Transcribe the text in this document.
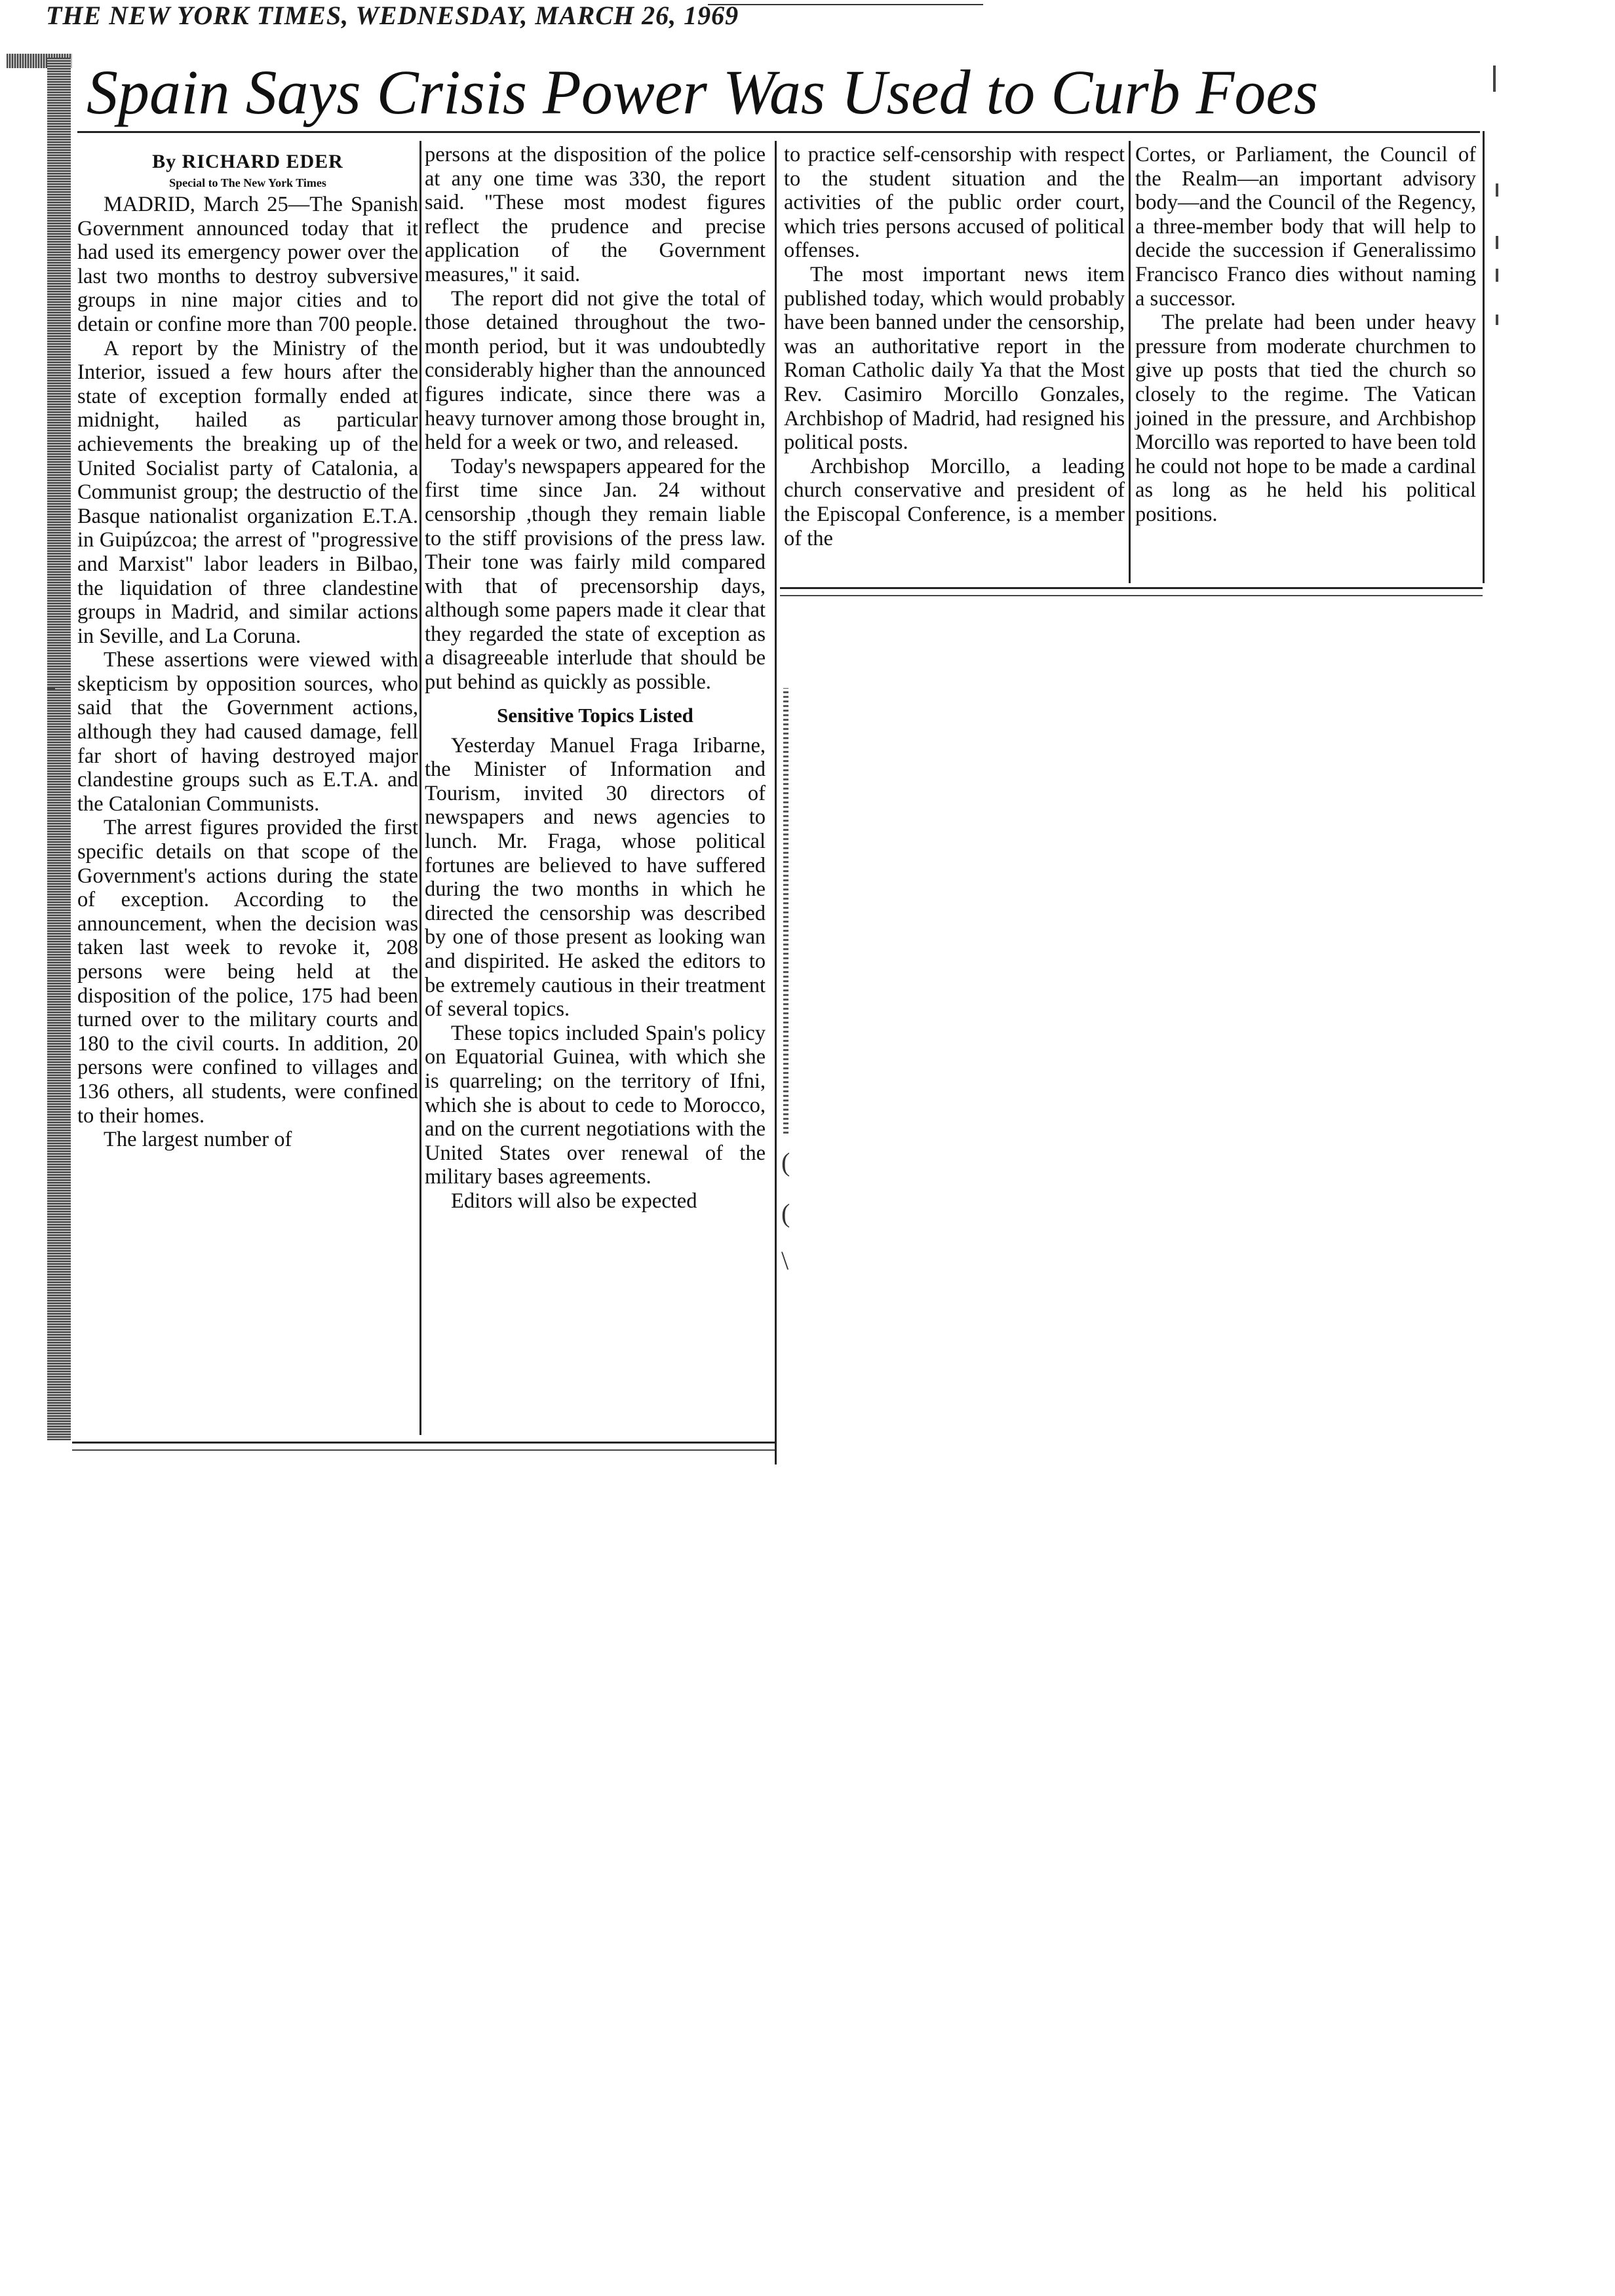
THE NEW YORK TIMES, WEDNESDAY, MARCH 26, 1969
Spain Says Crisis Power Was Used to Curb Foes
By RICHARD EDER
Special to The New York Times

MADRID, March 25—The Spanish Government announced today that it had used its emergency power over the last two months to destroy subversive groups in nine major cities and to detain or confine more than 700 people.

A report by the Ministry of the Interior, issued a few hours after the state of exception formally ended at midnight, hailed as particular achievements the breaking up of the United Socialist party of Catalonia, a Communist group; the destructio of the Basque nationalist organization E.T.A. in Guipúzcoa; the arrest of "progressive and Marxist" labor leaders in Bilbao, the liquidation of three clandestine groups in Madrid, and similar actions in Seville, and La Coruna.

These assertions were viewed with skepticism by opposition sources, who said that the Government actions, although they had caused damage, fell far short of having destroyed major clandestine groups such as E.T.A. and the Catalonian Communists.

The arrest figures provided the first specific details on that scope of the Government's actions during the state of exception. According to the announcement, when the decision was taken last week to revoke it, 208 persons were being held at the disposition of the police, 175 had been turned over to the military courts and 180 to the civil courts. In addition, 20 persons were confined to villages and 136 others, all students, were confined to their homes.

The largest number of

persons at the disposition of the police at any one time was 330, the report said. "These most modest figures reflect the prudence and precise application of the Government measures," it said.

The report did not give the total of those detained throughout the two-month period, but it was undoubtedly considerably higher than the announced figures indicate, since there was a heavy turnover among those brought in, held for a week or two, and released.

Today's newspapers appeared for the first time since Jan. 24 without censorship ,though they remain liable to the stiff provisions of the press law. Their tone was fairly mild compared with that of precensorship days, although some papers made it clear that they regarded the state of exception as a disagreeable interlude that should be put behind as quickly as possible.

Sensitive Topics Listed

Yesterday Manuel Fraga Iribarne, the Minister of Information and Tourism, invited 30 directors of newspapers and news agencies to lunch. Mr. Fraga, whose political fortunes are believed to have suffered during the two months in which he directed the censorship was described by one of those present as looking wan and dispirited. He asked the editors to be extremely cautious in their treatment of several topics.

These topics included Spain's policy on Equatorial Guinea, with which she is quarreling; on the territory of Ifni, which she is about to cede to Morocco, and on the current negotiations with the United States over renewal of the military bases agreements.

Editors will also be expected

to practice self-censorship with respect to the student situation and the activities of the public order court, which tries persons accused of political offenses.

The most important news item published today, which would probably have been banned under the censorship, was an authoritative report in the Roman Catholic daily Ya that the Most Rev. Casimiro Morcillo Gonzales, Archbishop of Madrid, had resigned his political posts.

Archbishop Morcillo, a leading church conservative and president of the Episcopal Conference, is a member of the

Cortes, or Parliament, the Council of the Realm—an important advisory body—and the Council of the Regency, a three-member body that will help to decide the succession if Generalissimo Francisco Franco dies without naming a successor.

The prelate had been under heavy pressure from moderate churchmen to give up posts that tied the church so closely to the regime. The Vatican joined in the pressure, and Archbishop Morcillo was reported to have been told he could not hope to be made a cardinal as long as he held his political positions.

(
(
\
